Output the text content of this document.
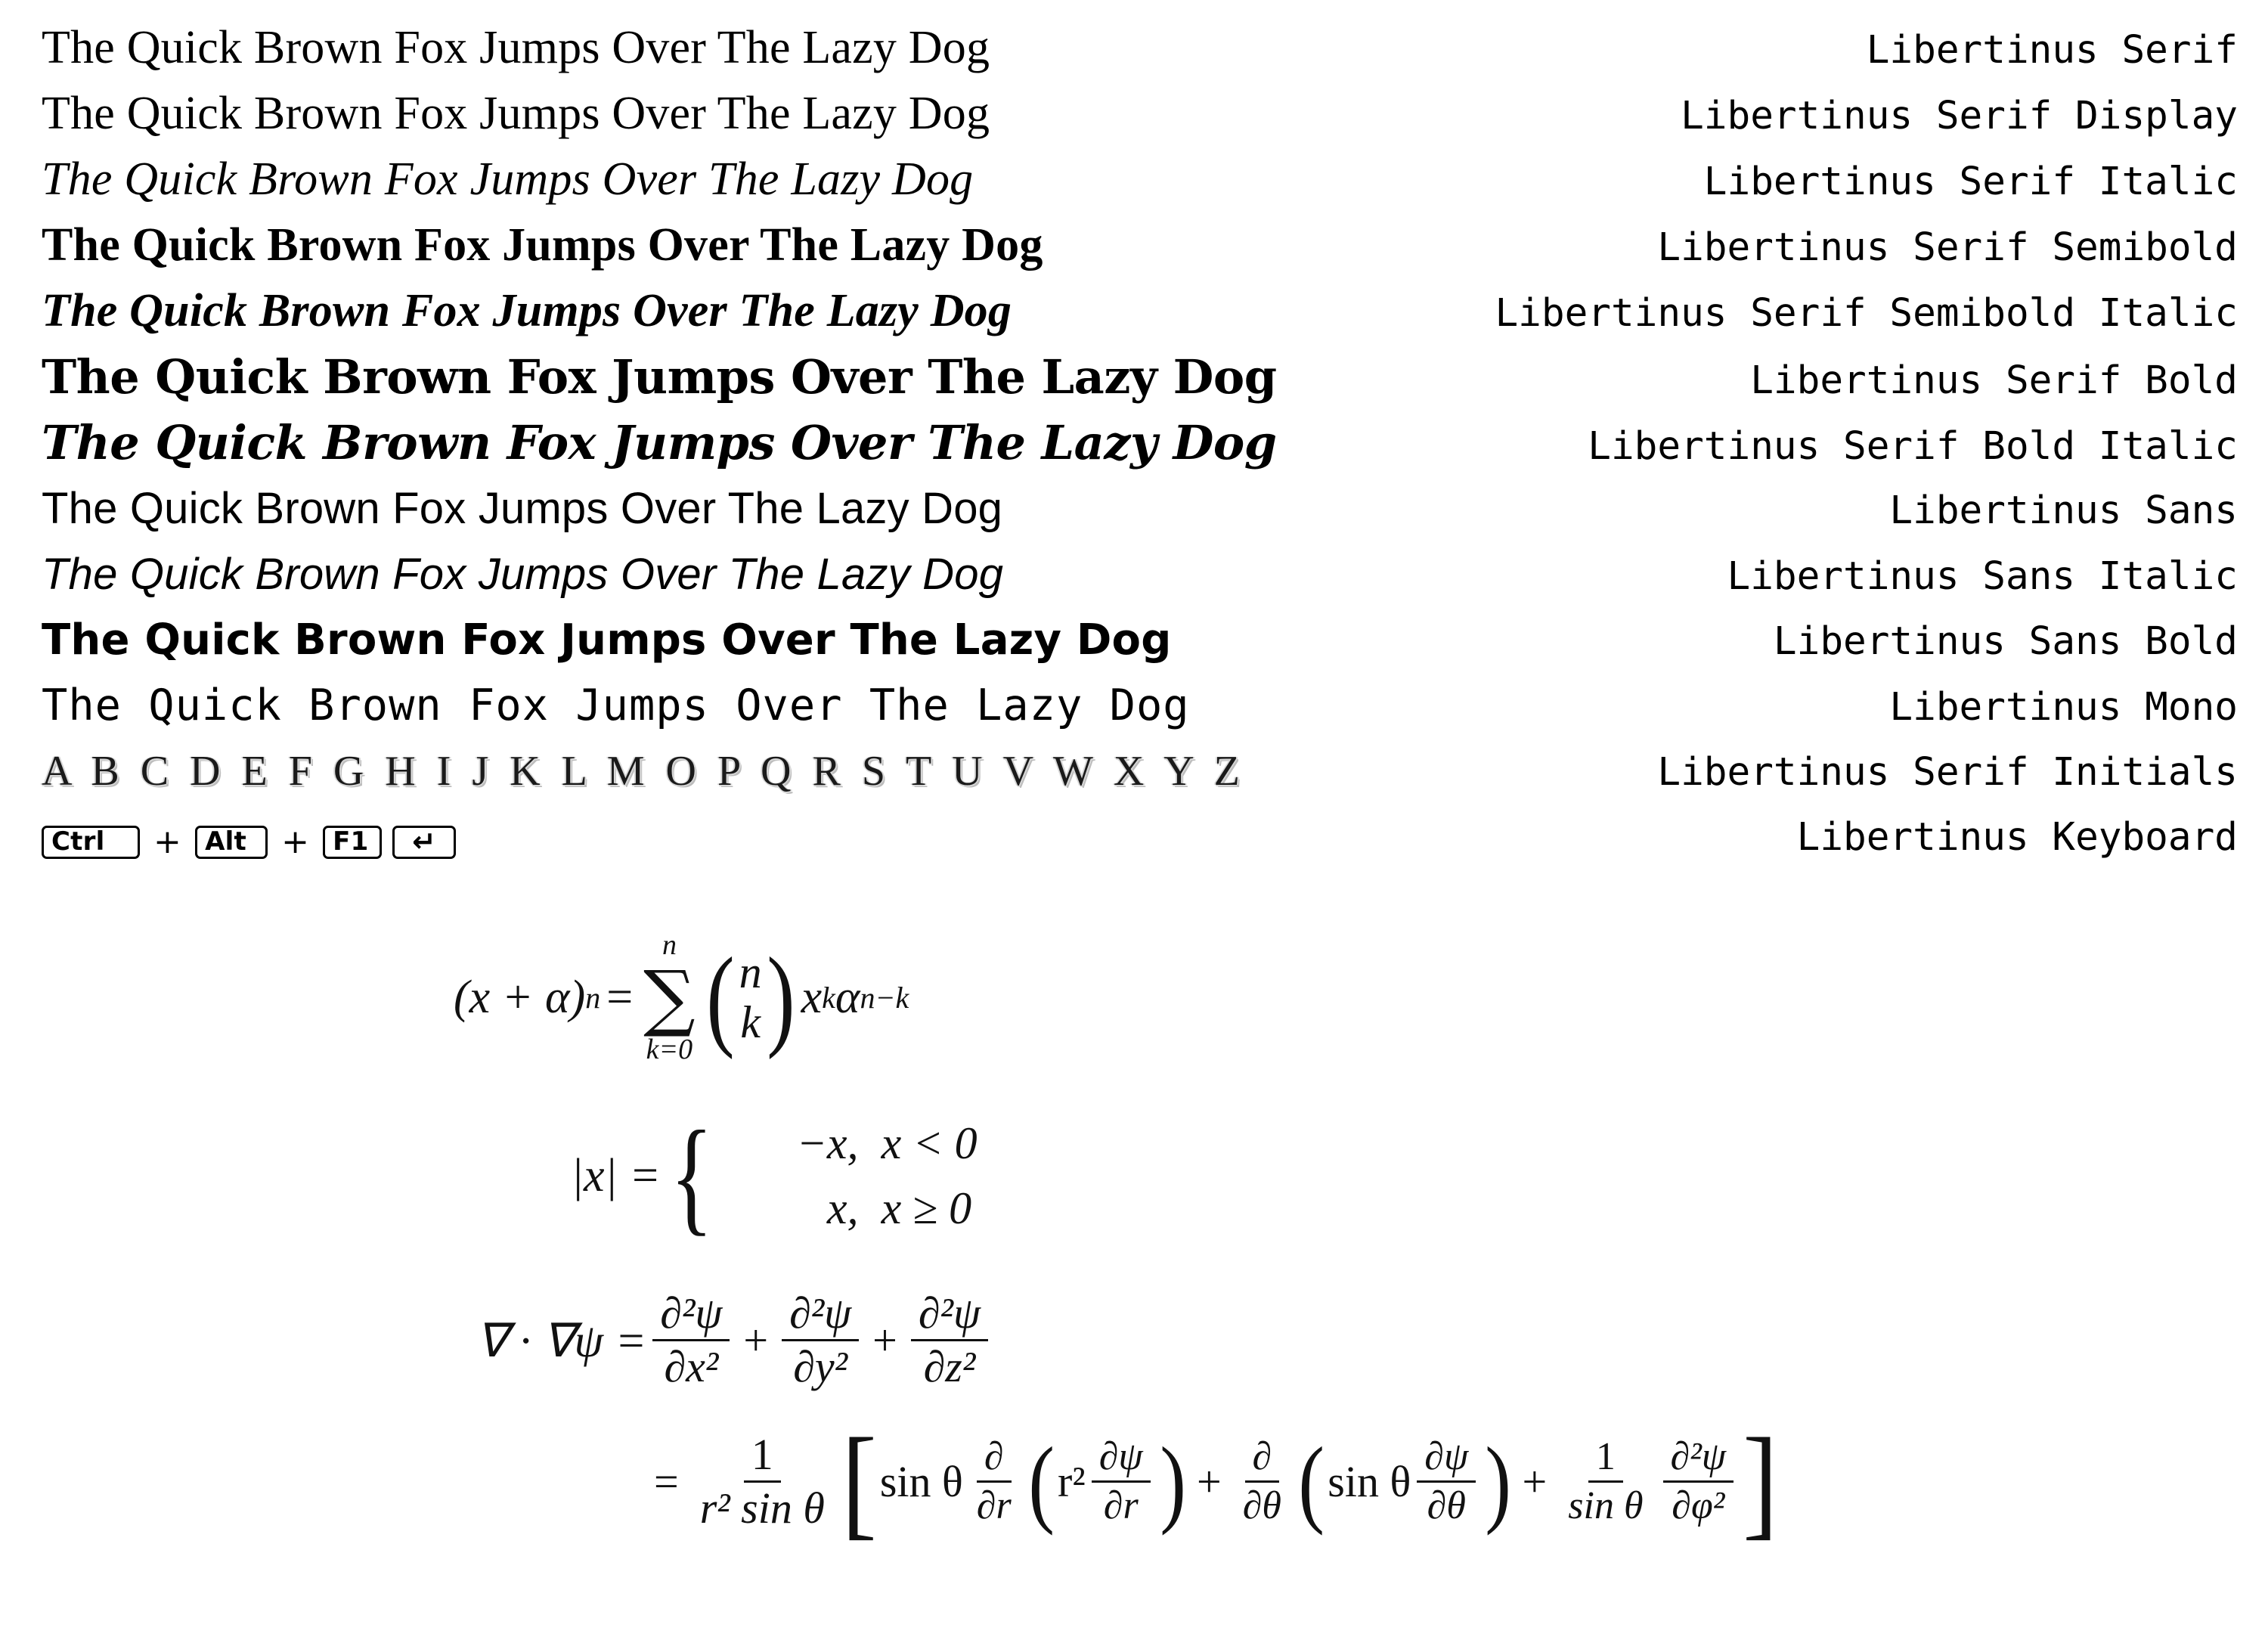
The Quick Brown Fox Jumps Over The Lazy Dog	Libertinus Serif
The Quick Brown Fox Jumps Over The Lazy Dog	Libertinus Serif Display
The Quick Brown Fox Jumps Over The Lazy Dog	Libertinus Serif Italic
The Quick Brown Fox Jumps Over The Lazy Dog	Libertinus Serif Semibold
The Quick Brown Fox Jumps Over The Lazy Dog	Libertinus Serif Semibold Italic
The Quick Brown Fox Jumps Over The Lazy Dog	Libertinus Serif Bold
The Quick Brown Fox Jumps Over The Lazy Dog	Libertinus Serif Bold Italic
The Quick Brown Fox Jumps Over The Lazy Dog	Libertinus Sans
The Quick Brown Fox Jumps Over The Lazy Dog	Libertinus Sans Italic
The Quick Brown Fox Jumps Over The Lazy Dog	Libertinus Sans Bold
The Quick Brown Fox Jumps Over The Lazy Dog	Libertinus Mono
A B C D E F G H I J K L M O P Q R S T U V W X Y Z	Libertinus Serif Initials
Ctrl	+ Alt	+ F1	↵	Libertinus Keyboard
(x + α) n =
n
∑
k=0 ( n
k ) x k α n−k
|x| = {	−x, x < 0
x, x ≥ 0
∇ · $\nabla\psi = \frac{\text{∂²ψ}}{\text{∂x²}} + \frac{\text{∂²ψ}}{\text{∂y²}} + \frac{\text{∂²ψ}}{\text{∂z²}}$
= $\frac{1}{\text{r² sin θ}}$ [ sin θ $\frac{\partial}{\partial r}$ ( $r^2 \frac{\partial\psi}{\partial r}$ ) + $\frac{\partial}{\partial\theta}$ ( sin θ $\frac{\partial\psi}{\partial\theta}$ ) + $\frac{1}{\text{sin θ}} \frac{\text{∂²ψ}}{\text{∂φ²}}$ ]
